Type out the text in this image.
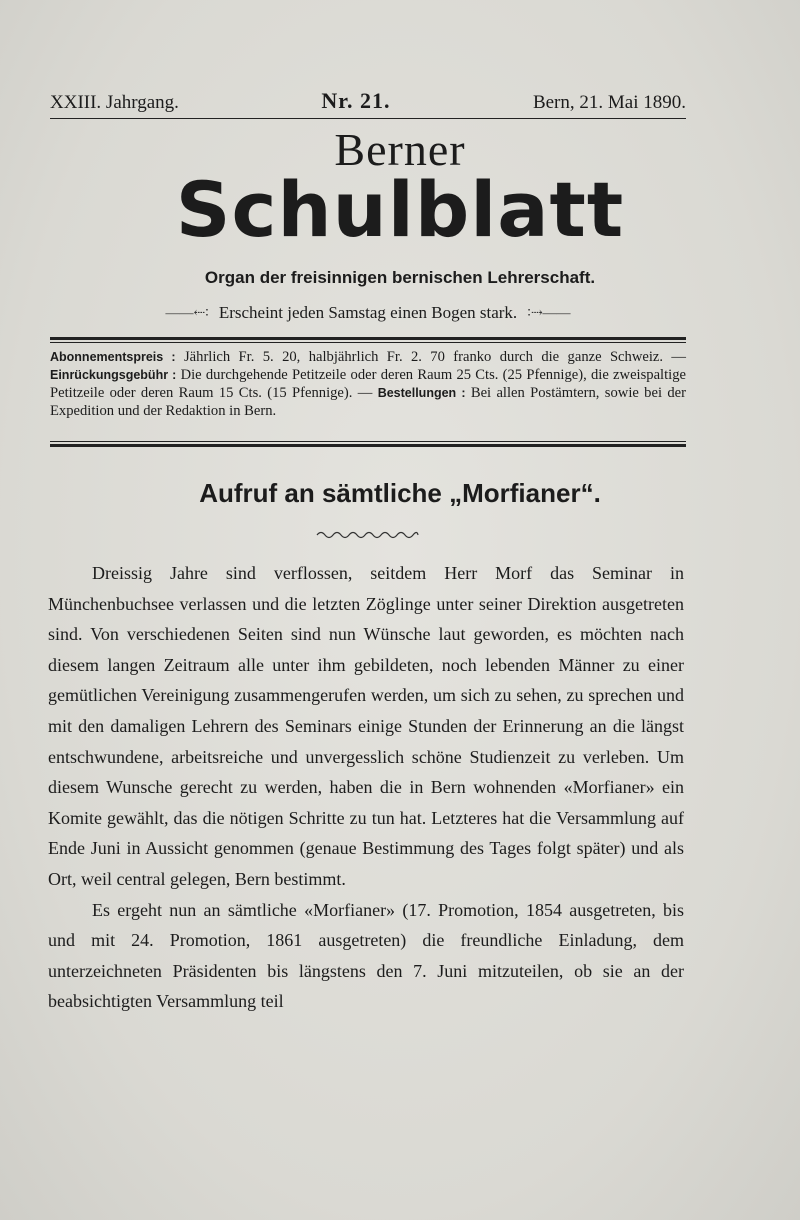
XXIII. Jahrgang.	Nr. 21.	Bern, 21. Mai 1890.
Berner
Schulblatt
Organ der freisinnigen bernischen Lehrerschaft.
——⇠∶ Erscheint jeden Samstag einen Bogen stark. ∶⇢——
Abonnementspreis : Jährlich Fr. 5. 20, halbjährlich Fr. 2. 70 franko durch die ganze Schweiz. — Einrückungsgebühr : Die durchgehende Petitzeile oder deren Raum 25 Cts. (25 Pfennige), die zweispaltige Petitzeile oder deren Raum 15 Cts. (15 Pfennige). — Bestellungen : Bei allen Postämtern, sowie bei der Expedition und der Redaktion in Bern.
Aufruf an sämtliche „Morfianer“.

Dreissig Jahre sind verflossen, seitdem Herr Morf das Seminar in Münchenbuchsee verlassen und die letzten Zöglinge unter seiner Direktion ausgetreten sind. Von verschiedenen Seiten sind nun Wünsche laut geworden, es möchten nach diesem langen Zeitraum alle unter ihm gebildeten, noch lebenden Männer zu einer gemütlichen Vereinigung zusammengerufen werden, um sich zu sehen, zu sprechen und mit den damaligen Lehrern des Seminars einige Stunden der Erinnerung an die längst entschwundene, arbeitsreiche und unvergesslich schöne Studienzeit zu verleben. Um diesem Wunsche gerecht zu werden, haben die in Bern wohnenden «Morfianer» ein Komite gewählt, das die nötigen Schritte zu tun hat. Letzteres hat die Versammlung auf Ende Juni in Aussicht genommen (genaue Bestimmung des Tages folgt später) und als Ort, weil central gelegen, Bern bestimmt.

Es ergeht nun an sämtliche «Morfianer» (17. Promotion, 1854 ausgetreten, bis und mit 24. Promotion, 1861 ausgetreten) die freundliche Einladung, dem unterzeichneten Präsidenten bis längstens den 7. Juni mitzuteilen, ob sie an der beabsichtigten Versammlung teil
